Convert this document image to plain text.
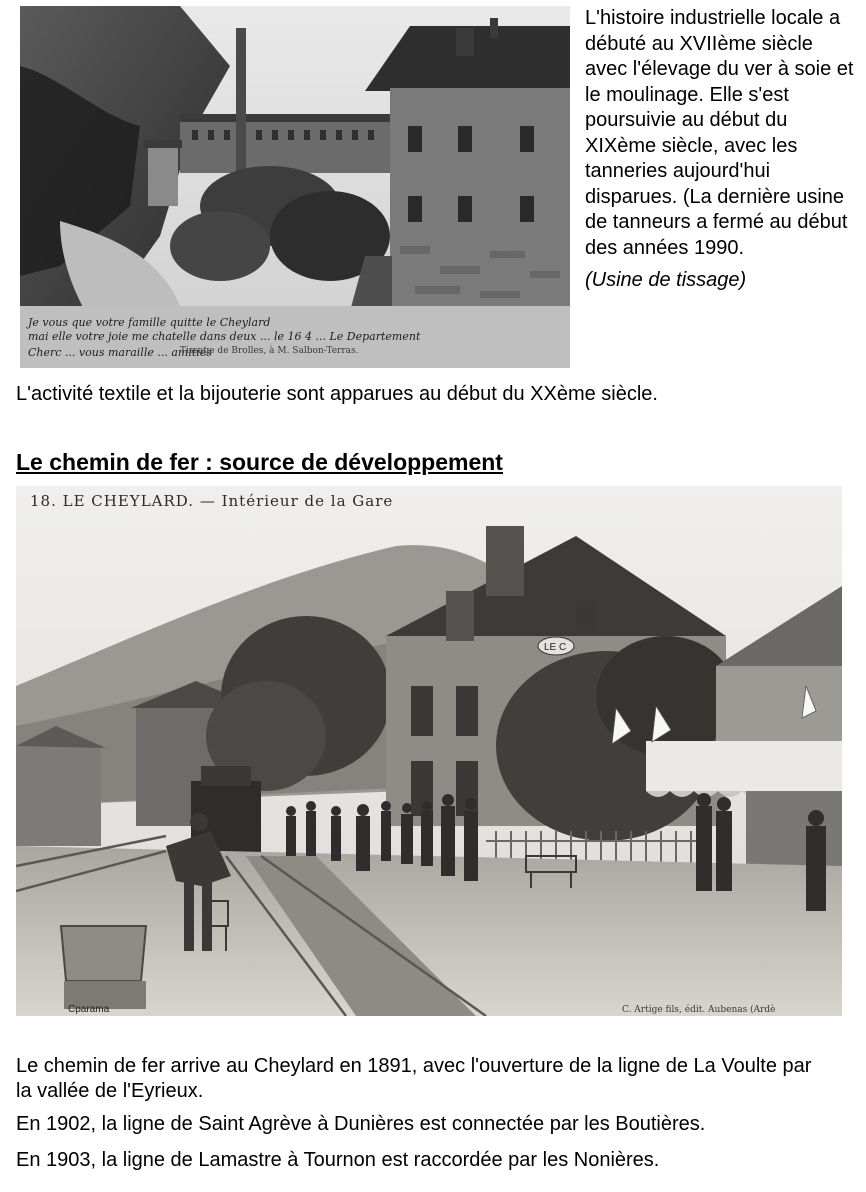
Je vous que votre famille quitte le Cheylard
mai elle votre joie me chatelle dans deux ... le 16 4 ... Le Departement
Cherc ... vous maraille ... amitiés
Tissage de Brolles, à M. Salbon-Terras.

L'histoire industrielle locale a débuté au XVIIème siècle avec l'élevage du ver à soie et le moulinage. Elle s'est poursuivie au début du XIXème siècle, avec les tanneries aujourd'hui disparues. (La dernière usine de tanneurs a fermé au début des années 1990.

(Usine de tissage)

L'activité textile et la bijouterie sont apparues au début du XXème siècle.

Le chemin de fer : source de développement
LE C
18. LE CHEYLARD. — Intérieur de la Gare
Cparama	C. Artige fils, édit. Aubenas (Ardè

Le chemin de fer arrive au Cheylard en 1891, avec l'ouverture de la ligne de La Voulte par la vallée de l'Eyrieux.

En 1902, la ligne de Saint Agrève à Dunières est connectée par les Boutières.

En 1903, la ligne de Lamastre à Tournon est raccordée par les Nonières.
